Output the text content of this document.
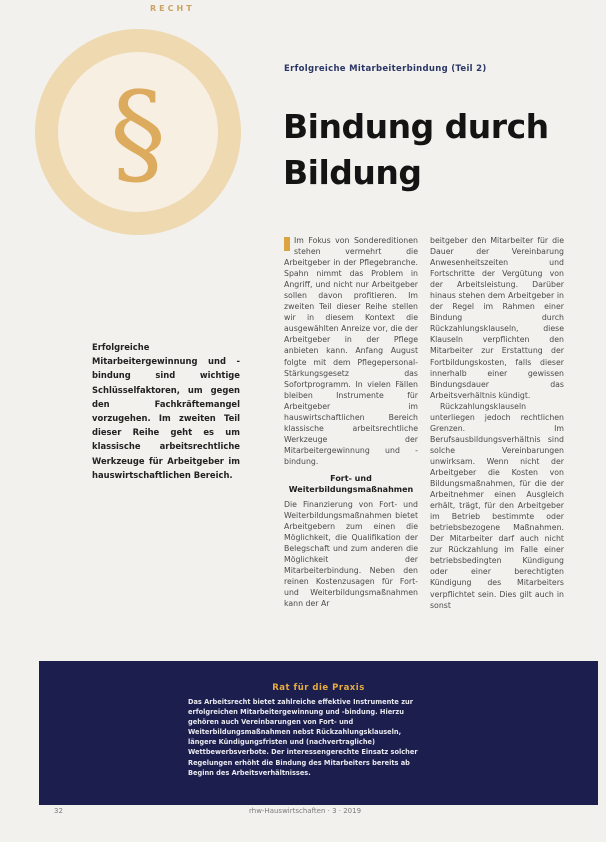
RECHT
§	Erfolgreiche Mitarbeiterbindung (Teil 2)
Bindung durch Bildung
Erfolgreiche Mitarbeitergewinnung und -bindung sind wichtige Schlüsselfaktoren, um gegen den Fachkräftemangel vorzugehen. Im zweiten Teil dieser Reihe geht es um klassische arbeitsrechtliche Werkzeuge für Arbeitgeber im hauswirtschaftlichen Bereich.

Im Fokus von Sondereditionen stehen vermehrt die Arbeitgeber in der Pflegebranche. Spahn nimmt das Problem in Angriff, und nicht nur Arbeitgeber sollen davon profitieren. Im zweiten Teil dieser Reihe stellen wir in diesem Kontext die ausgewählten Anreize vor, die der Arbeitgeber in der Pflege anbieten kann. Anfang August folgte mit dem Pflegepersonal-Stärkungsgesetz das Sofortprogramm. In vielen Fällen bleiben Instrumente für Arbeitgeber im hauswirtschaftlichen Bereich klassische arbeitsrechtliche Werkzeuge der Mitarbeitergewinnung und -bindung.

Fort- und Weiterbildungsmaßnahmen

Die Finanzierung von Fort- und Weiterbildungsmaßnahmen bietet Arbeitgebern zum einen die Möglichkeit, die Qualifikation der Belegschaft und zum anderen die Möglichkeit der Mitarbeiterbindung. Neben den reinen Kostenzusagen für Fort- und Weiterbildungsmaßnahmen kann der Ar

beitgeber den Mitarbeiter für die Dauer der Vereinbarung Anwesenheitszeiten und Fortschritte der Vergütung von der Arbeitsleistung. Darüber hinaus stehen dem Arbeitgeber in der Regel im Rahmen einer Bindung durch Rückzahlungsklauseln, diese Klauseln verpflichten den Mitarbeiter zur Erstattung der Fortbildungskosten, falls dieser innerhalb einer gewissen Bindungsdauer das Arbeitsverhältnis kündigt.

Rückzahlungsklauseln unterliegen jedoch rechtlichen Grenzen. Im Berufsausbildungsverhältnis sind solche Vereinbarungen unwirksam. Wenn nicht der Arbeitgeber die Kosten von Bildungsmaßnahmen, für die der Arbeitnehmer einen Ausgleich erhält, trägt, für den Arbeitgeber im Betrieb bestimmte oder betriebsbezogene Maßnahmen. Der Mitarbeiter darf auch nicht zur Rückzahlung im Falle einer betriebsbedingten Kündigung oder einer berechtigten Kündigung des Mitarbeiters verpflichtet sein. Dies gilt auch in sonst

Rat für die Praxis
Das Arbeitsrecht bietet zahlreiche effektive Instrumente zur erfolgreichen Mitarbeitergewinnung und -bindung. Hierzu gehören auch Vereinbarungen von Fort- und Weiterbildungsmaßnahmen nebst Rückzahlungsklauseln, längere Kündigungsfristen und (nachvertragliche) Wettbewerbsverbote. Der interessengerechte Einsatz solcher Regelungen erhöht die Bindung des Mitarbeiters bereits ab Beginn des Arbeitsverhältnisses.
32	rhw-Hauswirtschaften · 3 · 2019
